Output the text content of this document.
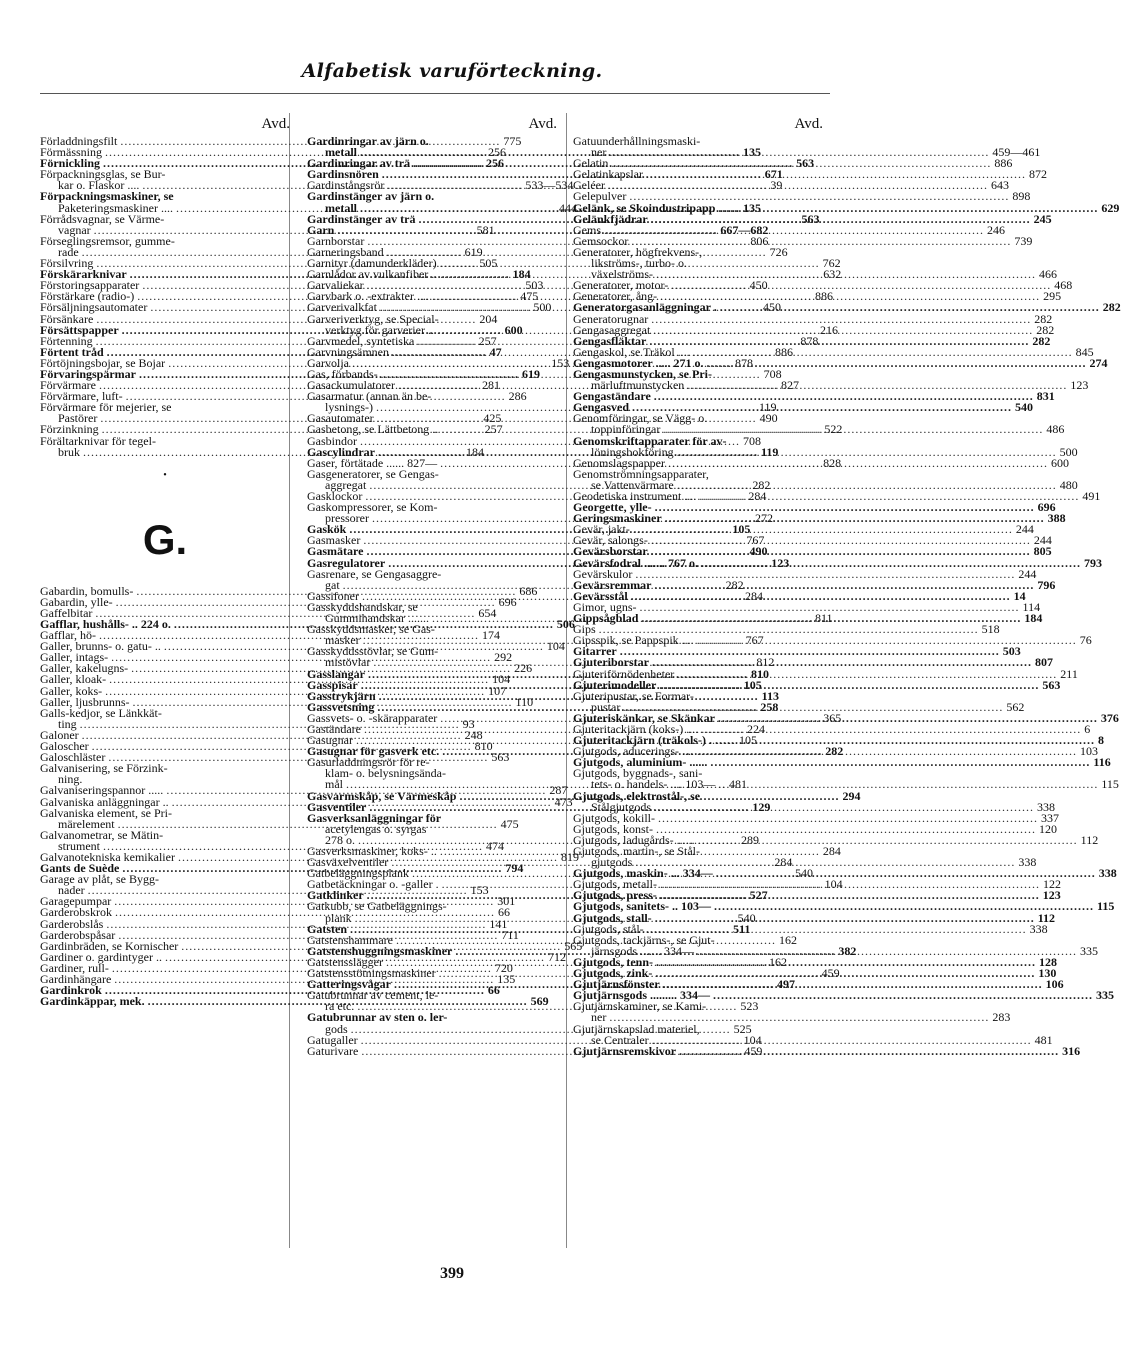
Alfabetisk varuförteckning.
Avd.
Förladdningsfilt .....	775
Förmässning .....	256
Förnickling .....	256
Förpackningsglas, se Bur-
kar o. Flaskor .... .....	533—534
Förpackningsmaskiner, se
Paketeringsmaskiner .... .....	444
Förrådsvagnar, se Värme-
vagnar .....	581
Förseglingsremsor, gumme-
rade .....	619
Försilvring .....	505
Förskärarknivar .....	184
Förstoringsapparater .....	503
Förstärkare (radio-) .....	475
Försäljningsautomater .....	500
Försänkare .....	204
Försättspapper .....	600
Förtenning .....	257
Förtent tråd .....	47
Förtöjningsbojar, se Bojar .....	153
Förvaringspärmar .....	619
Förvärmare .....	281
Förvärmare, luft- .....	286
Förvärmare för mejerier, se
Pastörer .....	425
Förzinkning .....	257
Förältarknivar för tegel-
bruk .....	184
•
G.
Gabardin, bomulls- .....	686
Gabardin, ylle- .....	696
Gaffelbitar .....	654
Gafflar, hushålls- .. 224 o. .....	506
Gafflar, hö- .....	174
Galler, brunns- o. gatu- .. .....	104
Galler, intags- .....	292
Galler, kakelugns- .....	226
Galler, kloak- .....	104
Galler, koks- .....	107
Galler, ljusbrunns- .....	110
Galls-kedjor, se Länkkät-
ting .....	93
Galoner .....	248
Galoscher .....	810
Galoschläster .....	563
Galvanisering, se Förzink-
ning.
Galvaniseringspannor ..... .....	287
Galvaniska anläggningar .. .....	473
Galvaniska element, se Pri-
märelement .....	475
Galvanometrar, se Mätin-
strument .....	474
Galvanotekniska kemikalier .....	819
Gants de Suède .....	794
Garage av plåt, se Bygg-
nader .....	153
Garagepumpar .....	301
Garderobskrok .....	66
Garderobslås .....	141
Garderobspåsar .....	711
Gardinbräden, se Kornischer .....	565
Gardiner o. gardintyger .. .....	712
Gardiner, rull- .....	720
Gardinhängare .....	135
Gardinkrok .....	66
Gardinkäppar, mek. .....	569
Avd.
Gardinringar av järn o.
metall .....	135
Gardinringar av trä .....	563
Gardinsnören .....	671
Gardinstångsrör .....	39
Gardinstänger av järn o.
metall .....	135
Gardinstänger av trä .....	563
Garn .....	667—682
Garnborstar .....	806
Garneringsband .....	726
Garnityr (damunderkläder) .....	762
Garnlådor av vulkanfiber .. .....	632
Garvaliekar .....	450
Garvbark o. -extrakter .... .....	886
Garverivalkfat .....	450
Garveriverktyg, se Special-
verktyg för garverier .. .....	216
Garvmedel, syntetiska .....	878
Garvningsämnen .....	886
Garvolja .....	878
Gas, förbands- .....	708
Gasackumulatorer .....	827
Gasarmatur (annan än be-
lysnings-) .....	119
Gasautomater .....	490
Gasbetong, se Lättbetong .. .....	522
Gasbindor .....	708
Gascylindrar .....	119
Gaser, förtätade ...... 827— .....	828
Gasgeneratorer, se Gengas-
aggregat .....	282
Gasklockor .....	284
Gaskompressorer, se Kom-
pressorer .....	272
Gaskök .....	105
Gasmasker .....	767
Gasmätare .....	490
Gasregulatorer .....	123
Gasrenare, se Gengasaggre-
gat .....	282
Gassifoner .....	284
Gasskyddshandskar, se
Gummihandskar ....... .....	811
Gasskyddsmasker, se Gas-
masker .....	767
Gasskyddsstövlar, se Gum-
mistövlar .....	812
Gasslangar .....	810
Gasspisar .....	105
Gasstrykjärn .....	113
Gassvetsning .....	258
Gassvets- o. -skärapparater .....	365
Gaständare .....	224
Gasugnar .....	105
Gasugnar för gasverk etc. .....	282
Gasurladdningsrör för re-
klam- o. belysningsända-
mål .....	481
Gasvarmskåp, se Värmeskåp .....	294
Gasventiler .....	129
Gasverksanläggningar för
acetylengas o. syrgas
278 o. .....	289
Gasverksmaskiner, koks- .. .....	284
Gasväxelventiler .....	284
Gatbeläggningsplank .....	540
Gatbetäckningar o. -galler . .....	104
Gatklinker .....	527
Gatkubb, se Gatbeläggnings-
plank .....	540
Gatsten .....	511
Gatstenshammare .....	162
Gatstenshuggningsmaskiner .....	382
Gatstensslägger .....	162
Gatstensstötningsmaskiner .....	459
Gatteringsvågar .....	497
Gatubrunnar av cement, le-
ra etc. .....	523
Gatubrunnar av sten o. ler-
gods .....	525
Gatugaller .....	104
Gaturivare .....	459
Avd.
Gatuunderhållningsmaski-
ner .....	459—461
Gelatin .....	886
Gelatinkapslar .....	872
Geléer .....	643
Gelepulver .....	898
Gelänk, se Skoindustripapp .....	629
Gelänkfjädrar .....	245
Gems .....	246
Gemsockor .....	739
Generatorer, högfrekvens-,
likströms-, turbo- o.
växelströms- .....	466
Generatorer, motor- .....	468
Generatorer, ång- .....	295
Generatorgasanläggningar . .....	282
Generatorugnar .....	282
Gengasaggregat .....	282
Gengasfläktar .....	282
Gengaskol, se Träkol .... .....	845
Gengasmotorer ..... 271 o. .....	274
Gengasmunstycken, se Pri-
märluftmunstycken .....	123
Gengaständare .....	831
Gengasved .....	540
Genomföringar, se Vägg- o.
toppinföringar .....	486
Genomskriftapparater för av-
löningsbokföring .....	500
Genomslagspapper .....	600
Genomströmningsapparater,
se Vattenvärmare .....	480
Geodetiska instrument .... .....	491
Georgette, ylle- .....	696
Geringsmaskiner .....	388
Gevär, jakt- .....	244
Gevär, salongs- .....	244
Gevärsborstar .....	805
Gevärsfodral ....... 767 o. .....	793
Gevärskulor .....	244
Gevärsremmar .....	796
Gevärsstål .....	14
Gimor, ugns- .....	114
Gippsågblad .....	184
Gips .....	518
Gipsspik, se Pappspik .... .....	76
Gitarrer .....	503
Gjuteriborstar .....	807
Gjuteriförnödenheter .....	211
Gjuterimodeller .....	563
Gjuteripustar, se Formar-
pustar .....	562
Gjuteriskänkar, se Skänkar .....	376
Gjuteritackjärn (koks-) .... .....	6
Gjuteritackjärn (träkols-) . .....	8
Gjutgods, aducerings- .... .....	103
Gjutgods, aluminium- ...... .....	116
Gjutgods, byggnads-, sani-
tets- o. handels- .... 103— .....	115
Gjutgods, elektrostål-, se
Stålgjutgods .....	338
Gjutgods, kokill- .....	337
Gjutgods, konst- .....	120
Gjutgods, ladugårds- ...... .....	112
Gjutgods, martin-, se Stål-
gjutgods .....	338
Gjutgods, maskin- ... 334— .....	338
Gjutgods, metall- .....	122
Gjutgods, press- .....	123
Gjutgods, sanitets- .. 103— .....	115
Gjutgods, stall- .....	112
Gjutgods, stål- .....	338
Gjutgods, tackjärns-, se Gjut-
järnsgods ....... 334— .....	335
Gjutgods, tenn- .....	128
Gjutgods, zink- .....	130
Gjutjärnsfönster .....	106
Gjutjärnsgods ......... 334— .....	335
Gjutjärnskaminer, se Kami-
ner .....	283
Gjutjärnskapslad materiel,
se Centraler .....	481
Gjutjärnsremskivor .....	316
399
